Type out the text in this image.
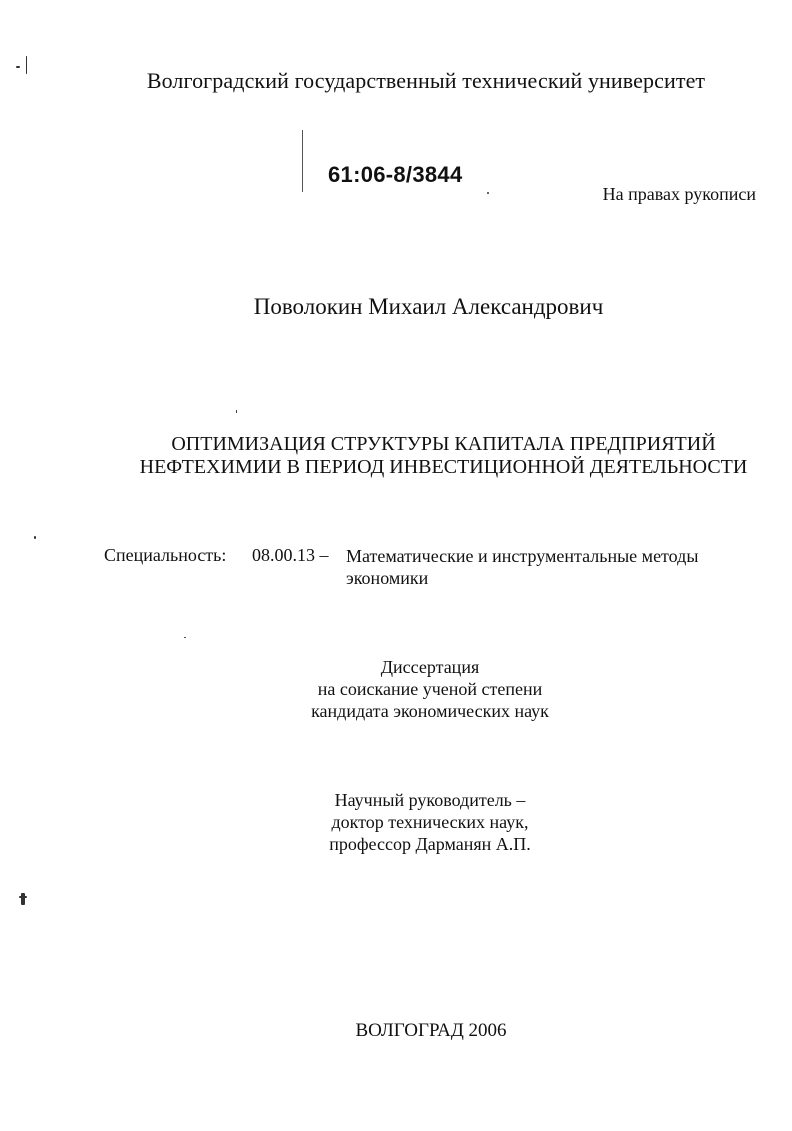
Волгоградский государственный технический университет
61:06-8/3844
На правах рукописи
Поволокин Михаил Александрович
ОПТИМИЗАЦИЯ СТРУКТУРЫ КАПИТАЛА ПРЕДПРИЯТИЙ
НЕФТЕХИМИИ В ПЕРИОД ИНВЕСТИЦИОННОЙ ДЕЯТЕЛЬНОСТИ
Специальность: 08.00.13 – Математические и инструментальные методы
экономики
Диссертация
на соискание ученой степени
кандидата экономических наук
Научный руководитель –
доктор технических наук,
профессор Дарманян А.П.
ВОЛГОГРАД 2006
